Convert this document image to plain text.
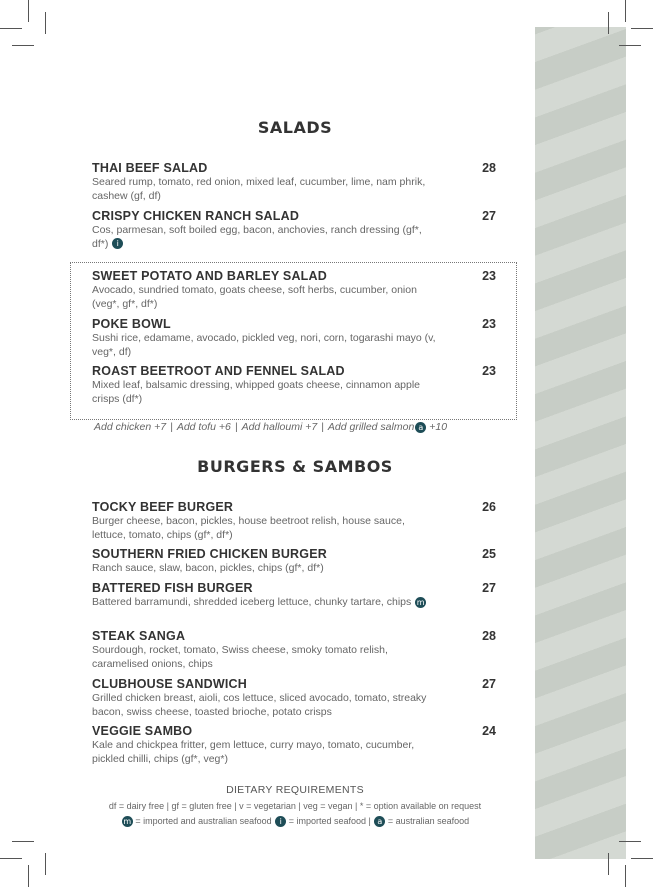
SALADS
THAI BEEF SALAD	28
Seared rump, tomato, red onion, mixed leaf, cucumber, lime, nam phrik, cashew (gf, df)
CRISPY CHICKEN RANCH SALAD	27
Cos, parmesan, soft boiled egg, bacon, anchovies, ranch dressing (gf*, df*) i
SWEET POTATO AND BARLEY SALAD	23
Avocado, sundried tomato, goats cheese, soft herbs, cucumber, onion (veg*, gf*, df*)
POKE BOWL	23
Sushi rice, edamame, avocado, pickled veg, nori, corn, togarashi mayo (v, veg*, df)
ROAST BEETROOT AND FENNEL SALAD	23
Mixed leaf, balsamic dressing, whipped goats cheese, cinnamon apple crisps (df*)
Add chicken +7 | Add tofu +6 | Add halloumi +7 | Add grilled salmon a +10
BURGERS & SAMBOS
TOCKY BEEF BURGER	26
Burger cheese, bacon, pickles, house beetroot relish, house sauce, lettuce, tomato, chips (gf*, df*)
SOUTHERN FRIED CHICKEN BURGER	25
Ranch sauce, slaw, bacon, pickles, chips (gf*, df*)
BATTERED FISH BURGER	27
Battered barramundi, shredded iceberg lettuce, chunky tartare, chips m
STEAK SANGA	28
Sourdough, rocket, tomato, Swiss cheese, smoky tomato relish, caramelised onions, chips
CLUBHOUSE SANDWICH	27
Grilled chicken breast, aioli, cos lettuce, sliced avocado, tomato, streaky bacon, swiss cheese, toasted brioche, potato crisps
VEGGIE SAMBO	24
Kale and chickpea fritter, gem lettuce, curry mayo, tomato, cucumber, pickled chilli, chips (gf*, veg*)
DIETARY REQUIREMENTS
df = dairy free | gf = gluten free | v = vegetarian | veg = vegan | * = option available on request
m = imported and australian seafood i = imported seafood | a = australian seafood
